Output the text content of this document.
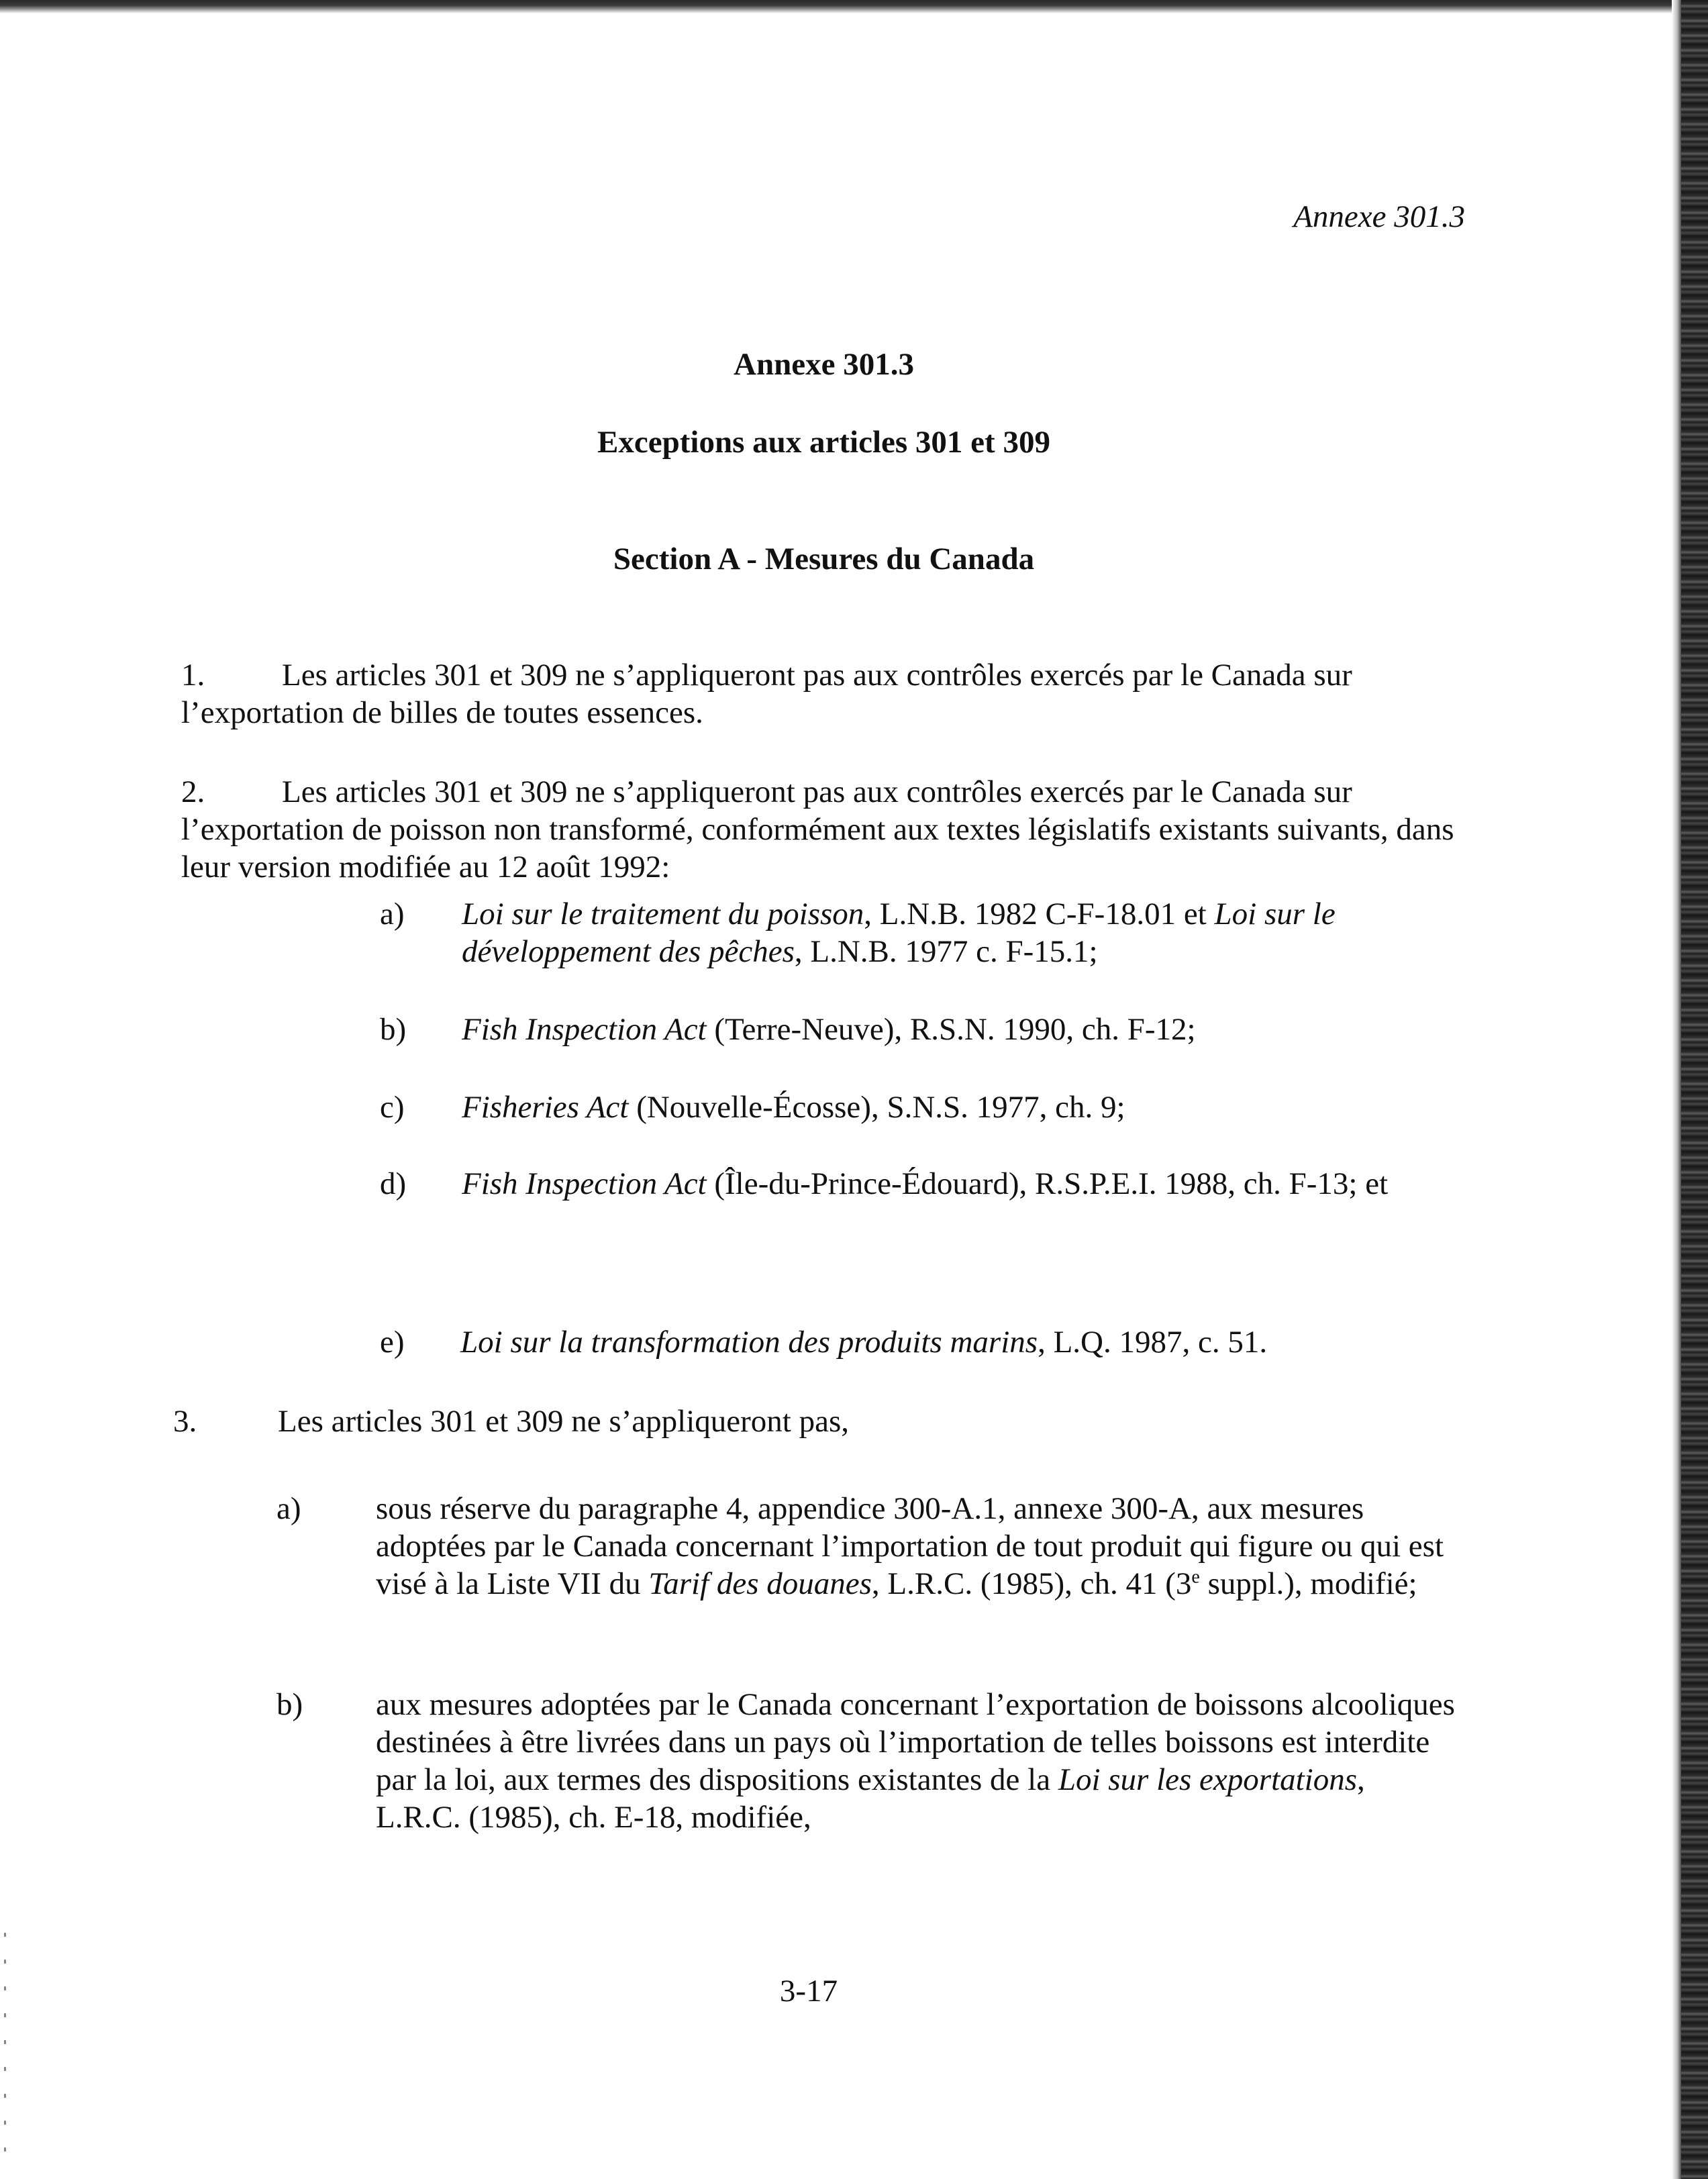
Annexe 301.3
Annexe 301.3
Exceptions aux articles 301 et 309
Section A - Mesures du Canada
1. Les articles 301 et 309 ne s’appliqueront pas aux contrôles exercés par le Canada sur l’exportation de billes de toutes essences.
2. Les articles 301 et 309 ne s’appliqueront pas aux contrôles exercés par le Canada sur l’exportation de poisson non transformé, conformément aux textes législatifs existants suivants, dans leur version modifiée au 12 août 1992:
a) Loi sur le traitement du poisson, L.N.B. 1982 C-F-18.01 et Loi sur le développement des pêches, L.N.B. 1977 c. F-15.1;
b) Fish Inspection Act (Terre-Neuve), R.S.N. 1990, ch. F-12;
c) Fisheries Act (Nouvelle-Écosse), S.N.S. 1977, ch. 9;
d) Fish Inspection Act (Île-du-Prince-Édouard), R.S.P.E.I. 1988, ch. F-13; et
e) Loi sur la transformation des produits marins, L.Q. 1987, c. 51.
3.	Les articles 301 et 309 ne s’appliqueront pas,
a) sous réserve du paragraphe 4, appendice 300-A.1, annexe 300-A, aux mesures adoptées par le Canada concernant l’importation de tout produit qui figure ou qui est visé à la Liste VII du Tarif des douanes, L.R.C. (1985), ch. 41 (3e suppl.), modifié;
b) aux mesures adoptées par le Canada concernant l’exportation de boissons alcooliques destinées à être livrées dans un pays où l’importation de telles boissons est interdite par la loi, aux termes des dispositions existantes de la Loi sur les exportations, L.R.C. (1985), ch. E-18, modifiée,
3-17
